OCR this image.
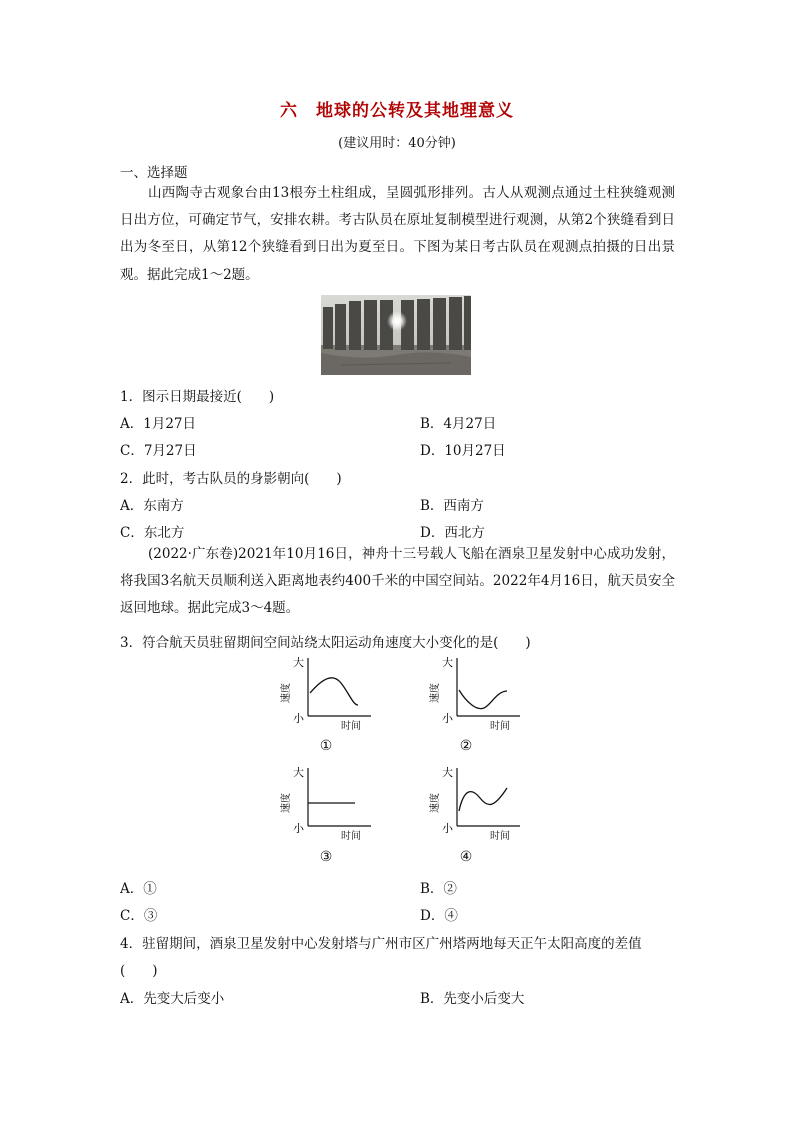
六　地球的公转及其地理意义
(建议用时：40分钟)
一、选择题
山西陶寺古观象台由13根夯土柱组成，呈圆弧形排列。古人从观测点通过土柱狭缝观测日出方位，可确定节气，安排农耕。考古队员在原址复制模型进行观测，从第2个狭缝看到日出为冬至日，从第12个狭缝看到日出为夏至日。下图为某日考古队员在观测点拍摄的日出景观。据此完成1～2题。
1．图示日期最接近(　　)
A．1月27日	B．4月27日
C．7月27日	D．10月27日
2．此时，考古队员的身影朝向(　　)
A．东南方	B．西南方
C．东北方	D．西北方
(2022·广东卷)2021年10月16日，神舟十三号载人飞船在酒泉卫星发射中心成功发射，将我国3名航天员顺利送入距离地表约400千米的中国空间站。2022年4月16日，航天员安全返回地球。据此完成3～4题。
3．符合航天员驻留期间空间站绕太阳运动角速度大小变化的是(　　)
大
小
速度
时间
①
大
小
速度
时间
②
大
小
速度
时间
③
大
小
速度
时间
④
A．①	B．②
C．③	D．④
4．驻留期间，酒泉卫星发射中心发射塔与广州市区广州塔两地每天正午太阳高度的差值
(　　)
A．先变大后变小	B．先变小后变大
